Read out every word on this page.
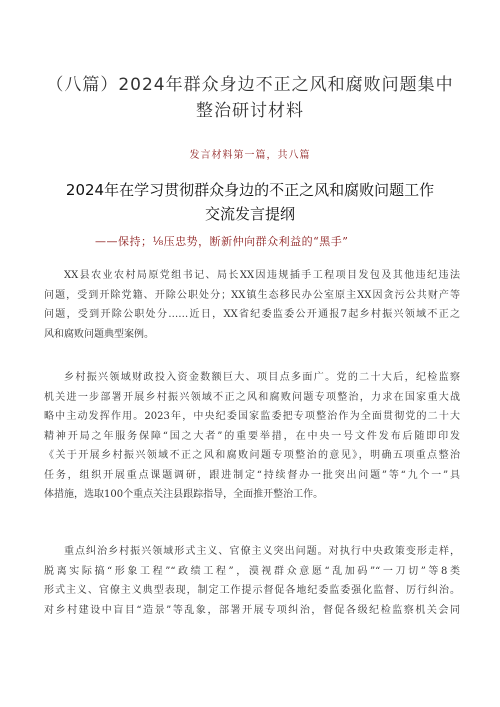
（八篇）2024年群众身边不正之风和腐败问题集中
整治研讨材料
发言材料第一篇，共八篇
2024年在学习贯彻群众身边的不正之风和腐败问题工作
交流发言提纲
——保持；⅛压忠势，断新仲向群众利益的“黑手”
XX县农业农村局原党组书记、局长XX因违规插手工程项目发包及其他违纪违法
问题，受到开除党籍、开除公职处分；XX镇生态移民办公室原主XX因贪污公共财产等
问题，受到开除公职处分……近日，XX省纪委监委公开通报7起乡村振兴领域不正之
风和腐败问题典型案例。
乡村振兴领域财政投入资金数额巨大、项目点多面广。党的二十大后，纪检监察
机关进一步部署开展乡村振兴领域不正之风和腐败问题专项整治，力求在国家重大战
略中主动发挥作用。2023年，中央纪委国家监委把专项整治作为全面贯彻党的二十大
精神开局之年服务保障“国之大者”的重要举措，在中央一号文件发布后随即印发
《关于开展乡村振兴领域不正之风和腐败问题专项整治的意见》，明确五项重点整治
任务，组织开展重点课题调研，跟进制定“持续督办一批突出问题”等“九个一”具
体措施，选取100个重点关注县跟踪指导，全面推开整治工作。
重点纠治乡村振兴领域形式主义、官僚主义突出问题。对执行中央政策变形走样，
脱离实际搞“形象工程”“政绩工程”，漠视群众意愿“乱加码”“一刀切”等8类
形式主义、官僚主义典型表现，制定工作提示督促各地纪委监委强化监督、厉行纠治。
对乡村建设中盲目“造景”等乱象，部署开展专项纠治，督促各级纪检监察机关会同
